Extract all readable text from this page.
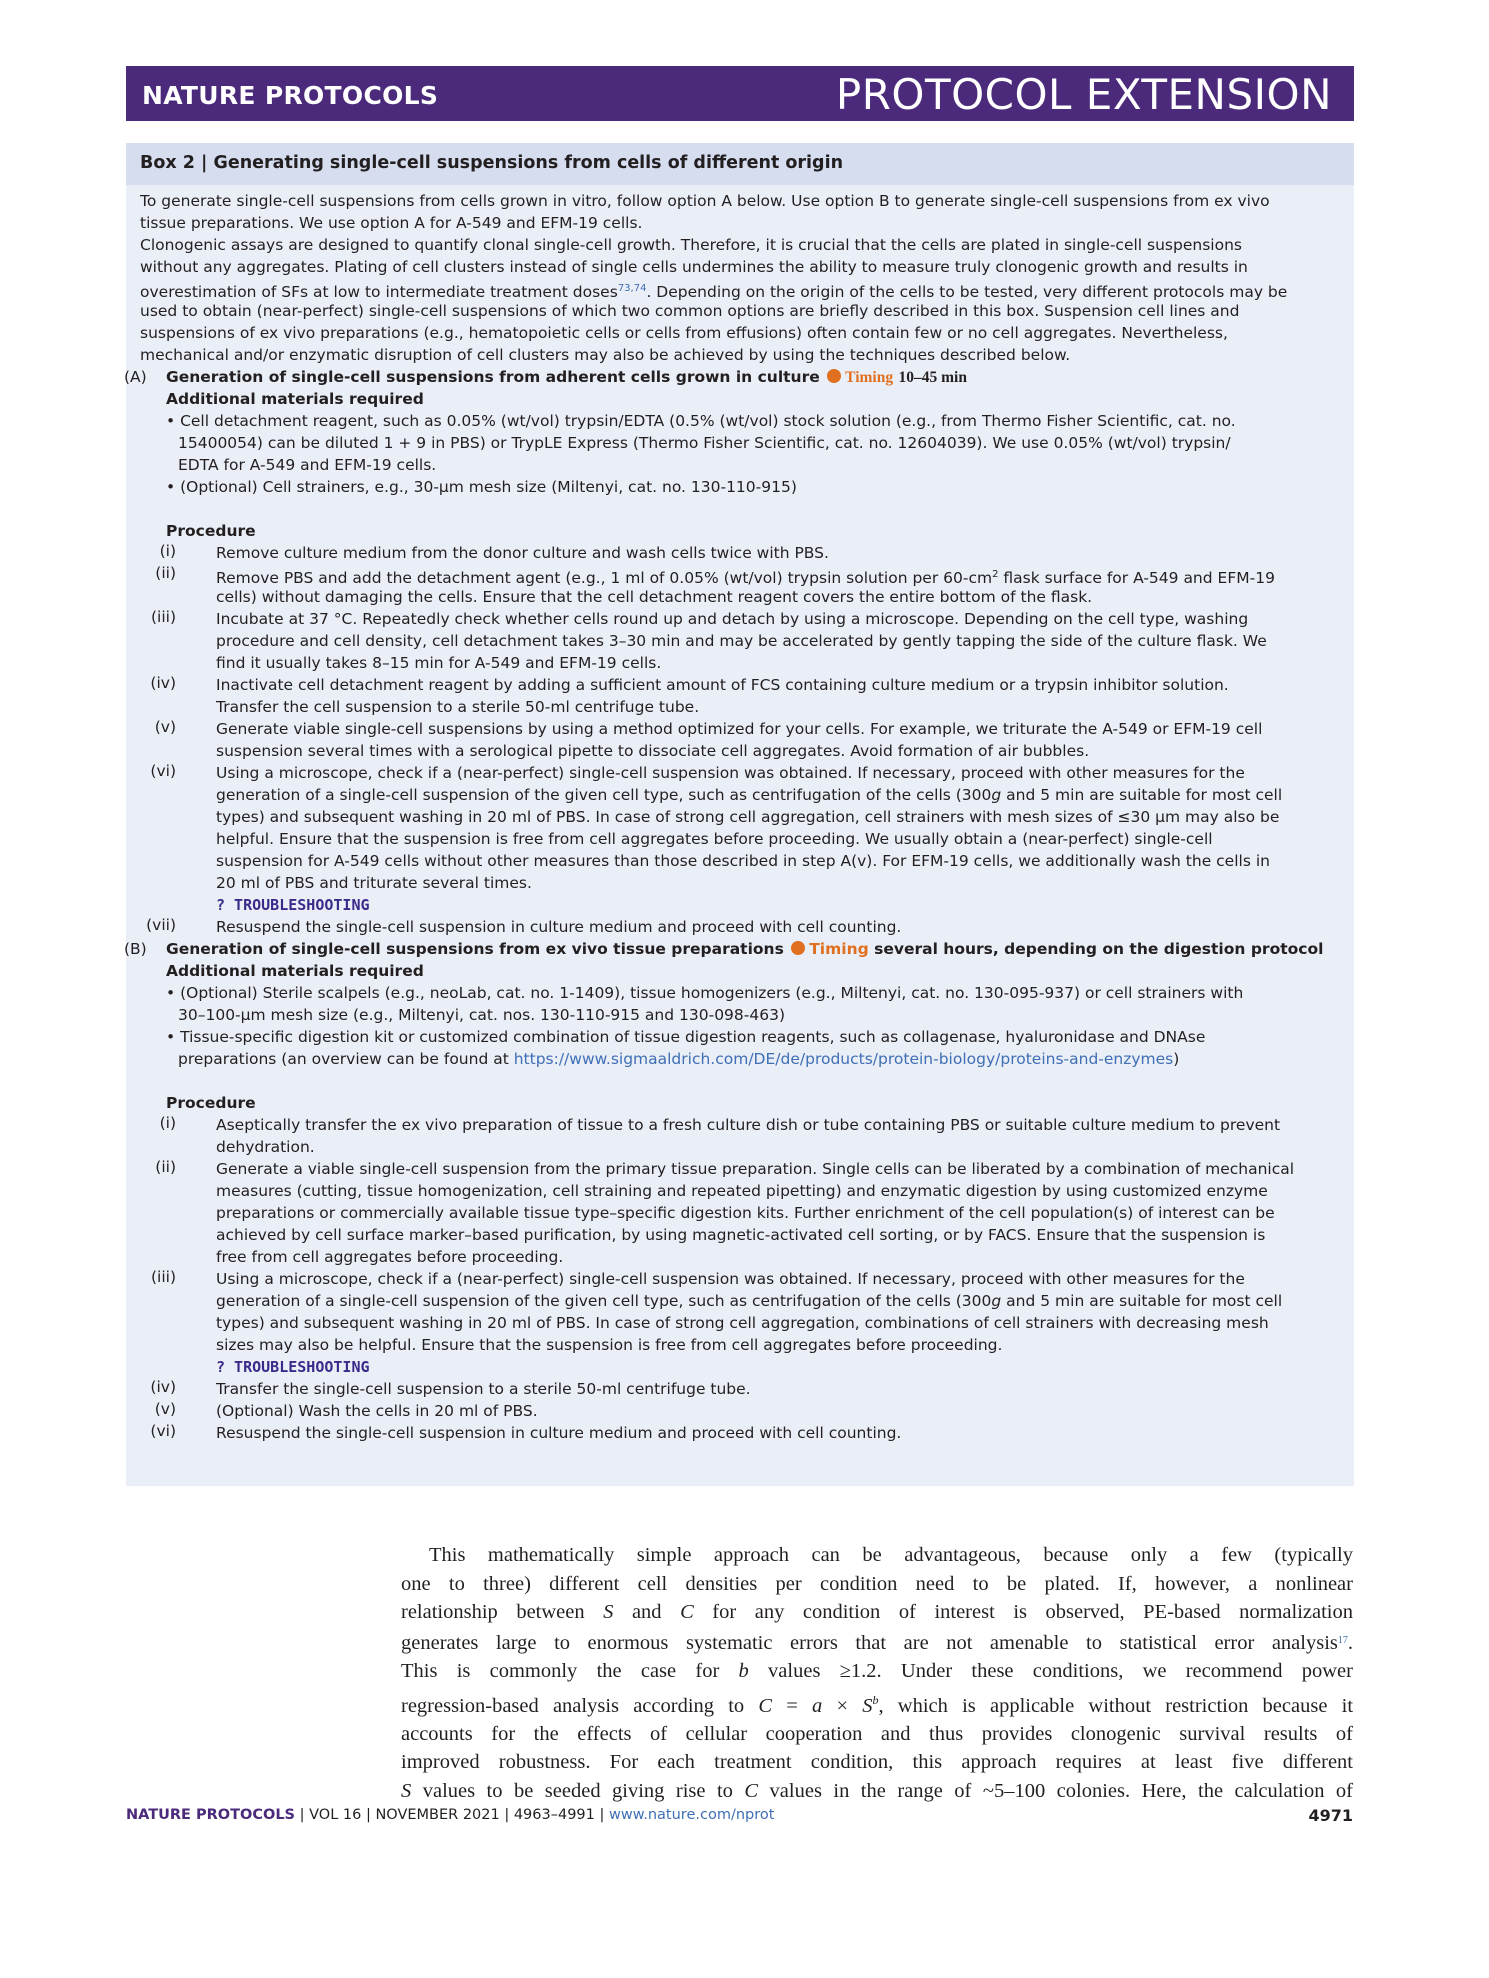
NATURE PROTOCOLS	PROTOCOL EXTENSION
Box 2 | Generating single-cell suspensions from cells of different origin
To generate single-cell suspensions from cells grown in vitro, follow option A below. Use option B to generate single-cell suspensions from ex vivo
tissue preparations. We use option A for A-549 and EFM-19 cells.
Clonogenic assays are designed to quantify clonal single-cell growth. Therefore, it is crucial that the cells are plated in single-cell suspensions
without any aggregates. Plating of cell clusters instead of single cells undermines the ability to measure truly clonogenic growth and results in
overestimation of SFs at low to intermediate treatment doses$^{73,74}$. Depending on the origin of the cells to be tested, very different protocols may be
used to obtain (near-perfect) single-cell suspensions of which two common options are briefly described in this box. Suspension cell lines and
suspensions of ex vivo preparations (e.g., hematopoietic cells or cells from effusions) often contain few or no cell aggregates. Nevertheless,
mechanical and/or enzymatic disruption of cell clusters may also be achieved by using the techniques described below.
(A) Generation of single-cell suspensions from adherent cells grown in culture Timing 10–45 min
Additional materials required
• Cell detachment reagent, such as 0.05% (wt/vol) trypsin/EDTA (0.5% (wt/vol) stock solution (e.g., from Thermo Fisher Scientific, cat. no.
15400054) can be diluted 1 + 9 in PBS) or TrypLE Express (Thermo Fisher Scientific, cat. no. 12604039). We use 0.05% (wt/vol) trypsin/
EDTA for A-549 and EFM-19 cells.
• (Optional) Cell strainers, e.g., 30-μm mesh size (Miltenyi, cat. no. 130-110-915)
Procedure
(i)	Remove culture medium from the donor culture and wash cells twice with PBS.
(ii)	Remove PBS and add the detachment agent (e.g., 1 ml of 0.05% (wt/vol) trypsin solution per $60-cm^2$ flask surface for A-549 and EFM-19
cells) without damaging the cells. Ensure that the cell detachment reagent covers the entire bottom of the flask.
(iii)	Incubate at 37 °C. Repeatedly check whether cells round up and detach by using a microscope. Depending on the cell type, washing
procedure and cell density, cell detachment takes 3–30 min and may be accelerated by gently tapping the side of the culture flask. We
find it usually takes 8–15 min for A-549 and EFM-19 cells.
(iv)	Inactivate cell detachment reagent by adding a sufficient amount of FCS containing culture medium or a trypsin inhibitor solution.
Transfer the cell suspension to a sterile 50-ml centrifuge tube.
(v)	Generate viable single-cell suspensions by using a method optimized for your cells. For example, we triturate the A-549 or EFM-19 cell
suspension several times with a serological pipette to dissociate cell aggregates. Avoid formation of air bubbles.
(vi)	Using a microscope, check if a (near-perfect) single-cell suspension was obtained. If necessary, proceed with other measures for the
generation of a single-cell suspension of the given cell type, such as centrifugation of the cells (300g and 5 min are suitable for most cell
types) and subsequent washing in 20 ml of PBS. In case of strong cell aggregation, cell strainers with mesh sizes of ≤30 μm may also be
helpful. Ensure that the suspension is free from cell aggregates before proceeding. We usually obtain a (near-perfect) single-cell
suspension for A-549 cells without other measures than those described in step A(v). For EFM-19 cells, we additionally wash the cells in
20 ml of PBS and triturate several times.
? TROUBLESHOOTING
(vii)	Resuspend the single-cell suspension in culture medium and proceed with cell counting.
(B) Generation of single-cell suspensions from ex vivo tissue preparations Timing several hours, depending on the digestion protocol
Additional materials required
• (Optional) Sterile scalpels (e.g., neoLab, cat. no. 1-1409), tissue homogenizers (e.g., Miltenyi, cat. no. 130-095-937) or cell strainers with
30–100-μm mesh size (e.g., Miltenyi, cat. nos. 130-110-915 and 130-098-463)
• Tissue-specific digestion kit or customized combination of tissue digestion reagents, such as collagenase, hyaluronidase and DNAse
preparations (an overview can be found at https://www.sigmaaldrich.com/DE/de/products/protein-biology/proteins-and-enzymes)
Procedure
(i)	Aseptically transfer the ex vivo preparation of tissue to a fresh culture dish or tube containing PBS or suitable culture medium to prevent
dehydration.
(ii)	Generate a viable single-cell suspension from the primary tissue preparation. Single cells can be liberated by a combination of mechanical
measures (cutting, tissue homogenization, cell straining and repeated pipetting) and enzymatic digestion by using customized enzyme
preparations or commercially available tissue type–specific digestion kits. Further enrichment of the cell population(s) of interest can be
achieved by cell surface marker–based purification, by using magnetic-activated cell sorting, or by FACS. Ensure that the suspension is
free from cell aggregates before proceeding.
(iii)	Using a microscope, check if a (near-perfect) single-cell suspension was obtained. If necessary, proceed with other measures for the
generation of a single-cell suspension of the given cell type, such as centrifugation of the cells (300g and 5 min are suitable for most cell
types) and subsequent washing in 20 ml of PBS. In case of strong cell aggregation, combinations of cell strainers with decreasing mesh
sizes may also be helpful. Ensure that the suspension is free from cell aggregates before proceeding.
? TROUBLESHOOTING
(iv)	Transfer the single-cell suspension to a sterile 50-ml centrifuge tube.
(v)	(Optional) Wash the cells in 20 ml of PBS.
(vi)	Resuspend the single-cell suspension in culture medium and proceed with cell counting.
This mathematically simple approach can be advantageous, because only a few (typically
one to three) different cell densities per condition need to be plated. If, however, a nonlinear
relationship between S and C for any condition of interest is observed, PE-based normalization
generates large to enormous systematic errors that are not amenable to statistical error analysis$^{17}$.
This is commonly the case for b values ≥1.2. Under these conditions, we recommend power
regression-based analysis according to $C = a \times S^b$, which is applicable without restriction because it
accounts for the effects of cellular cooperation and thus provides clonogenic survival results of
improved robustness. For each treatment condition, this approach requires at least five different
S values to be seeded giving rise to C values in the range of ~5–100 colonies. Here, the calculation of
NATURE PROTOCOLS | VOL 16 | NOVEMBER 2021 | 4963–4991 | www.nature.com/nprot	4971
